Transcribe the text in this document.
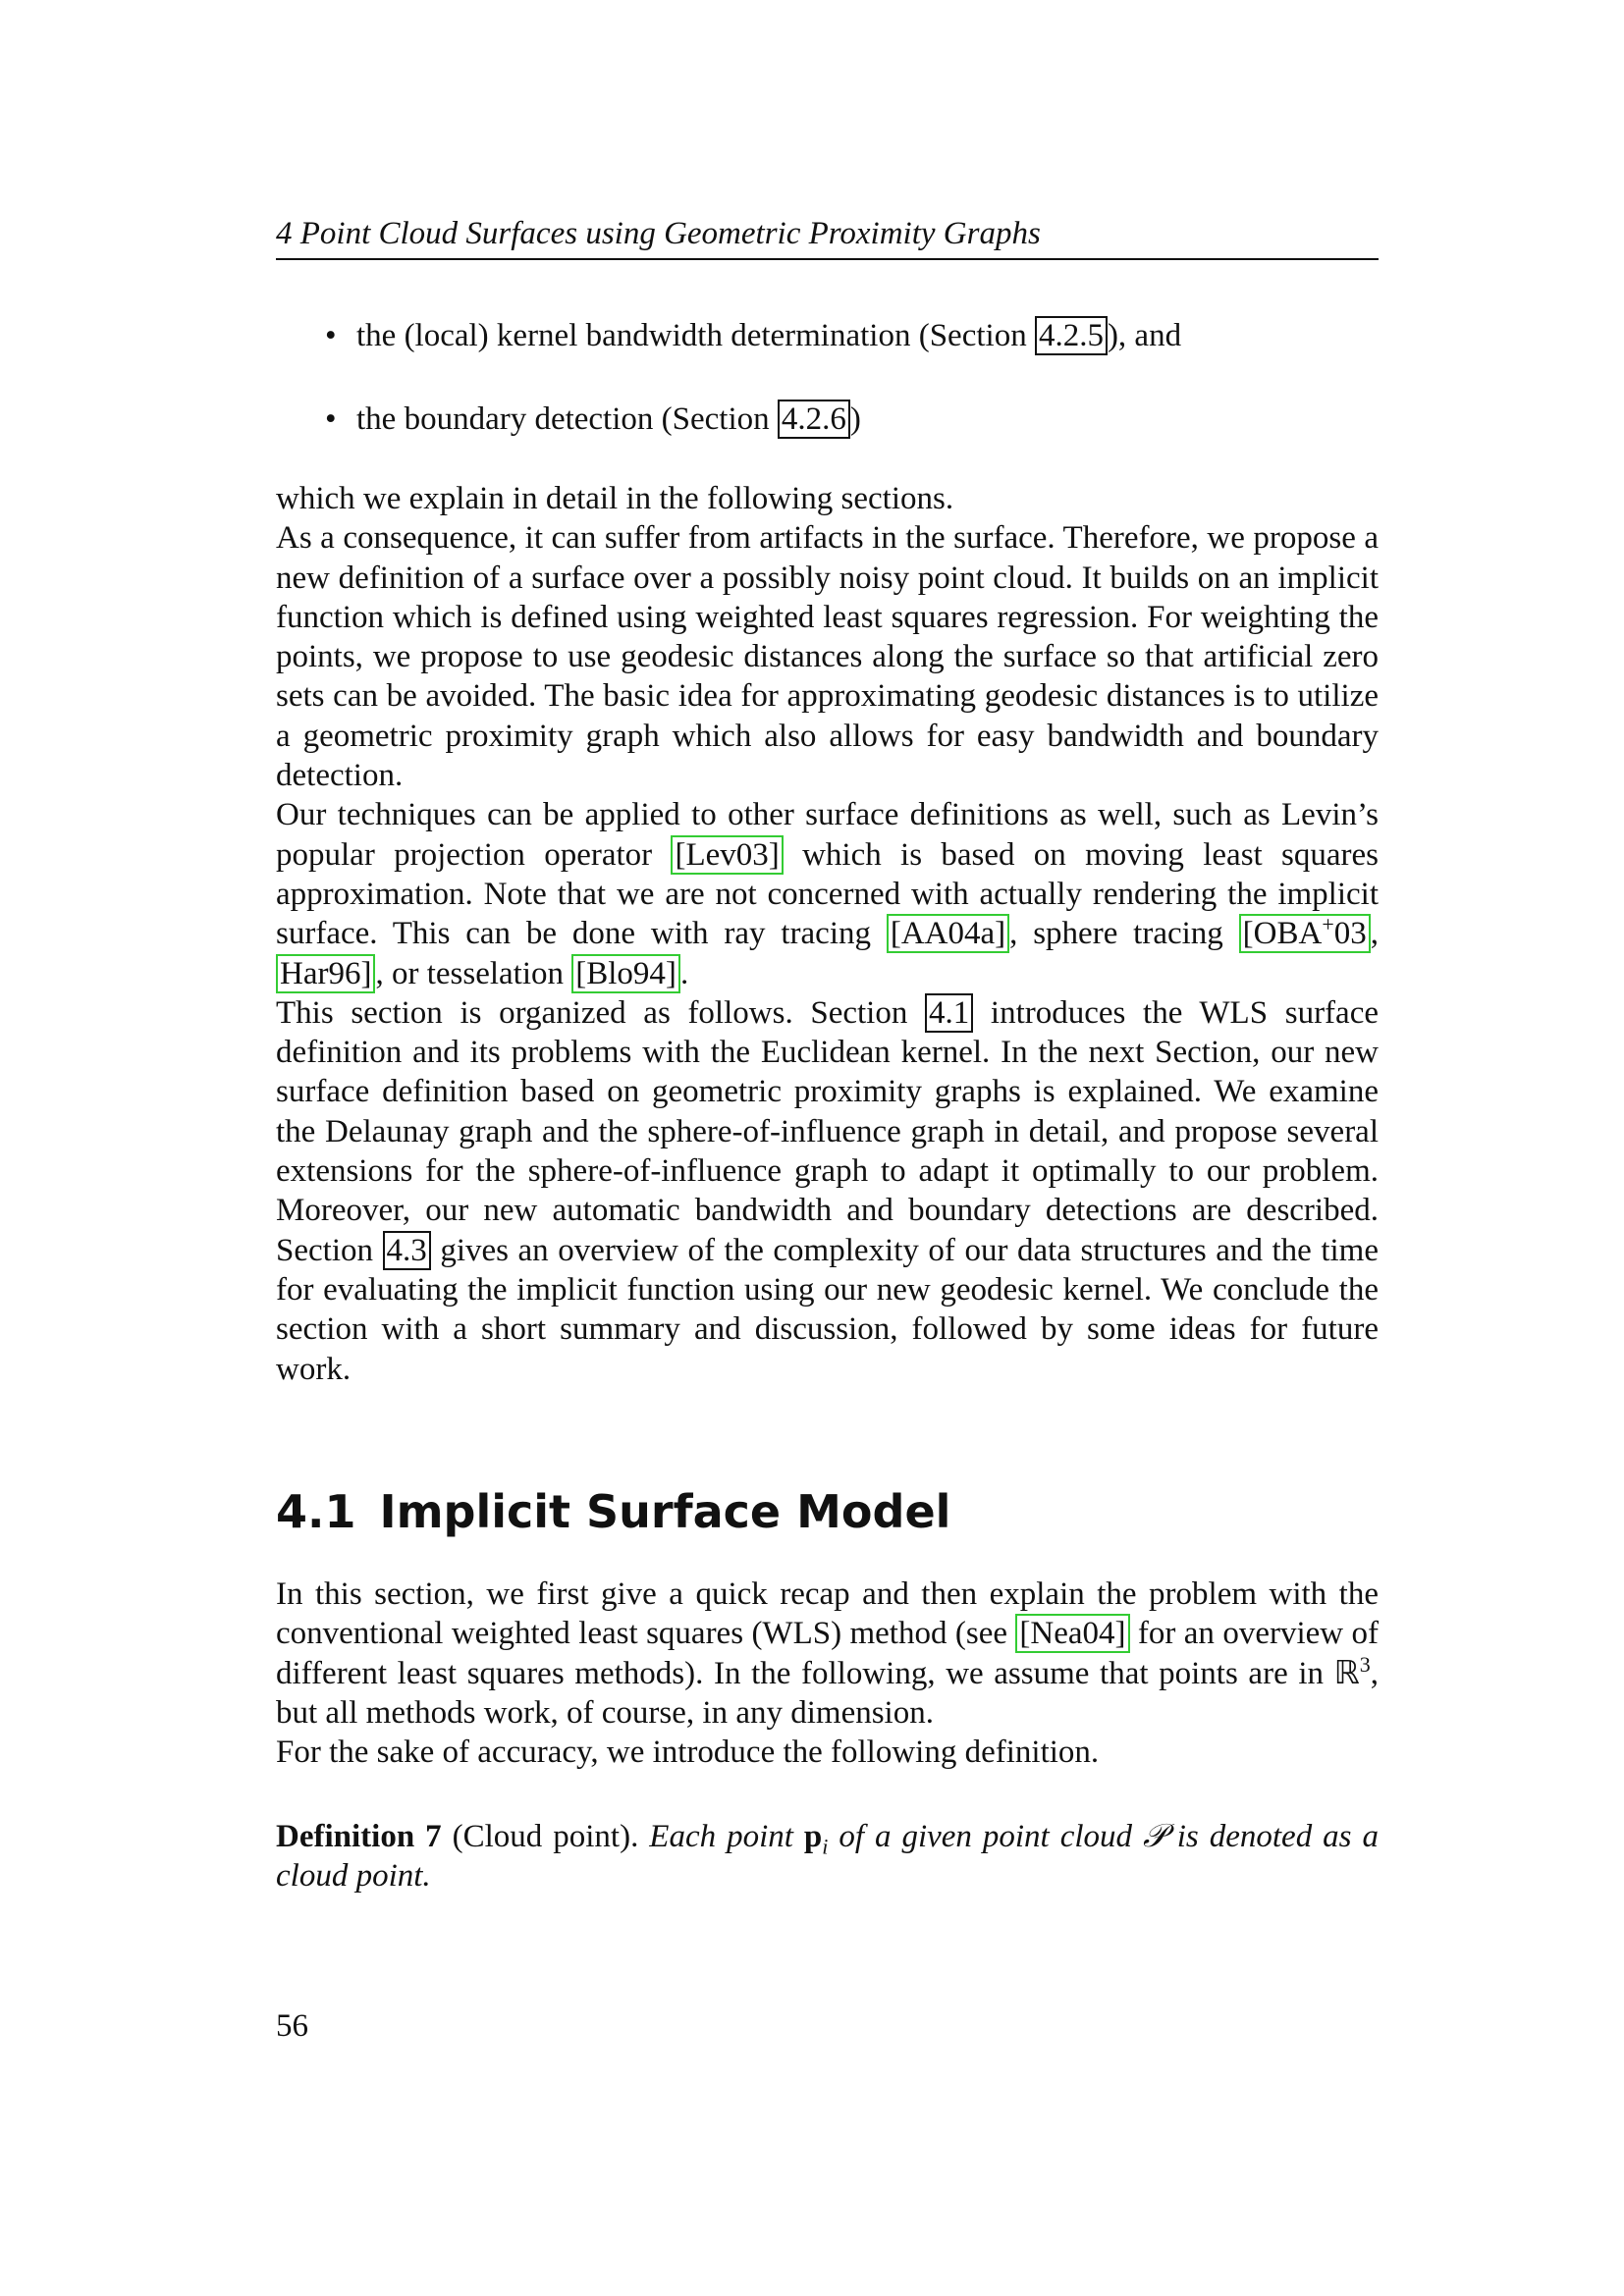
4 Point Cloud Surfaces using Geometric Proximity Graphs
• the (local) kernel bandwidth determination (Section 4.2.5 ), and
• the boundary detection (Section 4.2.6 )

which we explain in detail in the following sections.

As a consequence, it can suffer from artifacts in the surface. Therefore, we propose a new definition of a surface over a possibly noisy point cloud. It builds on an implicit function which is defined using weighted least squares regression. For weighting the points, we propose to use geodesic distances along the surface so that artificial zero sets can be avoided. The basic idea for approximating geodesic distances is to utilize a geometric proximity graph which also allows for easy bandwidth and boundary detection.

Our techniques can be applied to other surface definitions as well, such as Levin’s popular projection operator [Lev03] which is based on moving least squares approximation. Note that we are not concerned with actually rendering the implicit surface. This can be done with ray tracing [AA04a] , sphere tracing [OBA+03 , Har96] , or tesselation [Blo94] .

This section is organized as follows. Section 4.1 introduces the WLS surface definition and its problems with the Euclidean kernel. In the next Section, our new surface definition based on geometric proximity graphs is explained. We examine the Delaunay graph and the sphere-of-influence graph in detail, and propose several extensions for the sphere-of-influence graph to adapt it optimally to our problem. Moreover, our new automatic bandwidth and boundary detections are described. Section 4.3 gives an overview of the complexity of our data structures and the time for evaluating the implicit function using our new geodesic kernel. We conclude the section with a short summary and discussion, followed by some ideas for future work.

4.1 Implicit Surface Model

In this section, we first give a quick recap and then explain the problem with the conventional weighted least squares (WLS) method (see [Nea04] for an overview of different least squares methods). In the following, we assume that points are in ℝ$^3$, but all methods work, of course, in any dimension.

For the sake of accuracy, we introduce the following definition.

Definition 7 (Cloud point). Each point $p_i$ of a given point cloud 𝒫 is denoted as a cloud point.
56
